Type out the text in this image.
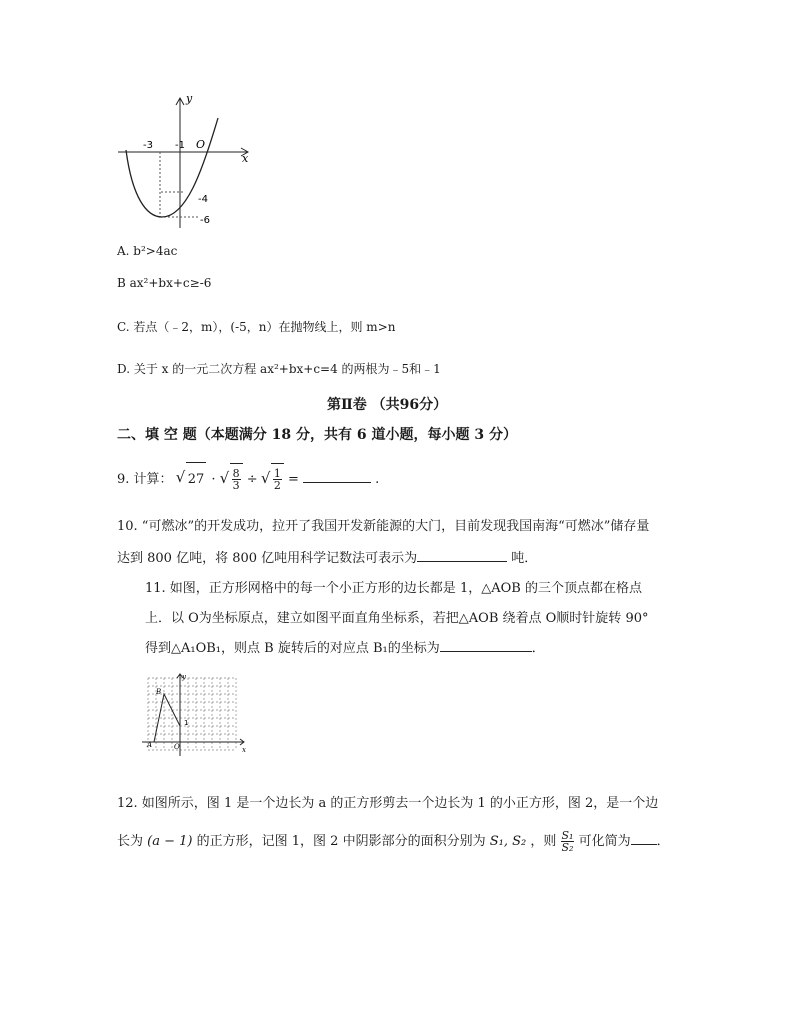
y
x
O
-3 -1
-4
-6
A. b²>4ac
B ax²+bx+c≥-6
C. 若点（﹣2，m），(-5，n）在抛物线上，则 m>n
D. 关于 x 的一元二次方程 ax²+bx+c=4 的两根为﹣5和﹣1
第Ⅱ卷 （共96分）
二、填 空 题（本题满分 18 分，共有 6 道小题，每小题 3 分）
9. 计算： √ 27 · √ $\frac{8}{3}$ ÷ √ $\frac{1}{2}$ =	.
10. “可燃冰”的开发成功，拉开了我国开发新能源的大门，目前发现我国南海“可燃冰”储存量
达到 800 亿吨，将 800 亿吨用科学记数法可表示为	吨．
11. 如图，正方形网格中的每一个小正方形的边长都是 1，△AOB 的三个顶点都在格点
上．以 O为坐标原点，建立如图平面直角坐标系，若把△AOB 绕着点 O顺时针旋转 90°
得到△A₁OB₁，则点 B 旋转后的对应点 B₁的坐标为	．
y
x
B
A	O
1
12. 如图所示，图 1 是一个边长为 a 的正方形剪去一个边长为 1 的小正方形，图 2，是一个边
长为 (a − 1) 的正方形，记图 1，图 2 中阴影部分的面积分别为 S₁, S₂ ，则 $\frac{\text{S₁}}{\text{S₂}}$ 可化简为 ．
